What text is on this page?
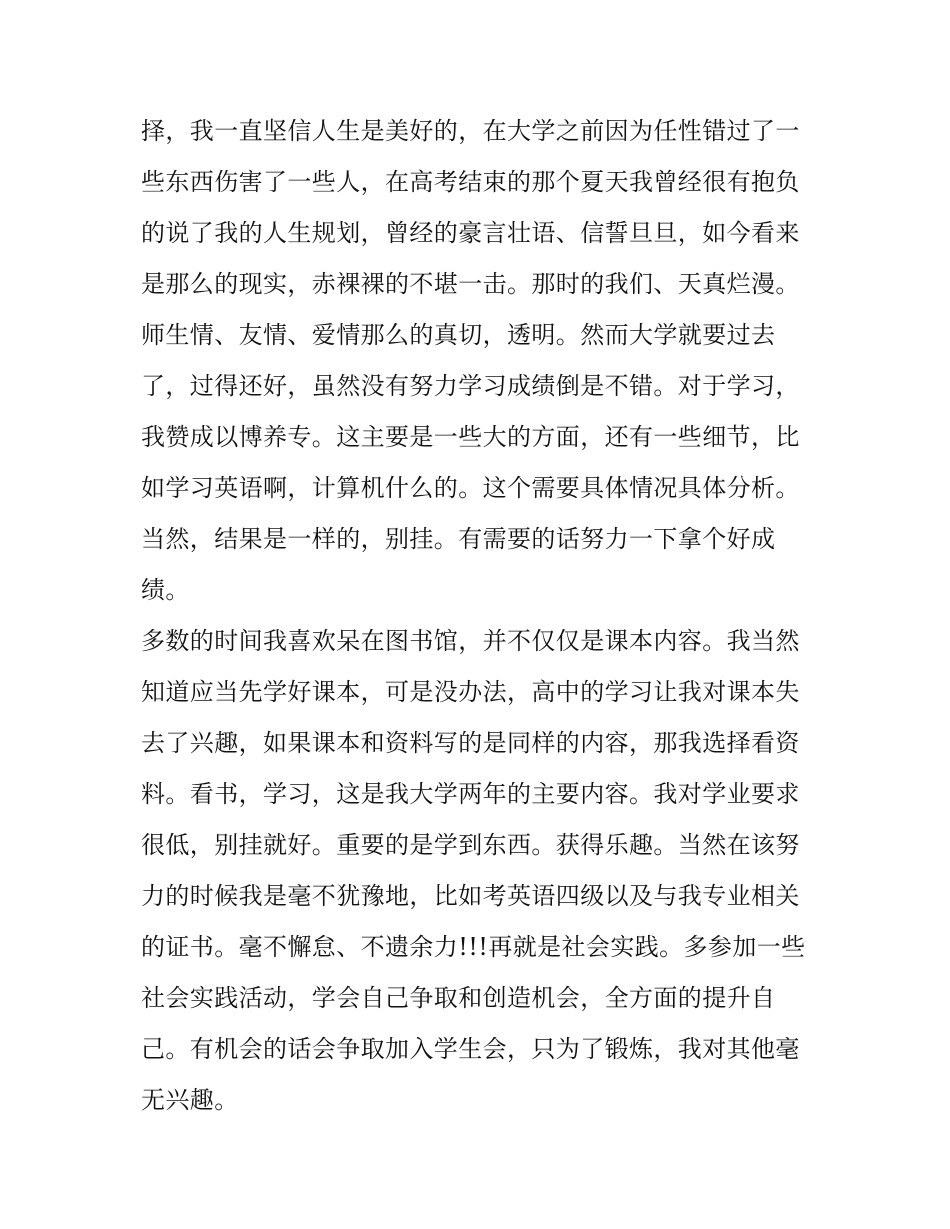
择，我一直坚信人生是美好的，在大学之前因为任性错过了一
些东西伤害了一些人，在高考结束的那个夏天我曾经很有抱负
的说了我的人生规划，曾经的豪言壮语、信誓旦旦，如今看来
是那么的现实，赤裸裸的不堪一击。那时的我们、天真烂漫。
师生情、友情、爱情那么的真切，透明。然而大学就要过去
了，过得还好，虽然没有努力学习成绩倒是不错。对于学习，
我赞成以博养专。这主要是一些大的方面，还有一些细节，比
如学习英语啊，计算机什么的。这个需要具体情况具体分析。
当然，结果是一样的，别挂。有需要的话努力一下拿个好成
绩。
多数的时间我喜欢呆在图书馆，并不仅仅是课本内容。我当然
知道应当先学好课本，可是没办法，高中的学习让我对课本失
去了兴趣，如果课本和资料写的是同样的内容，那我选择看资
料。看书，学习，这是我大学两年的主要内容。我对学业要求
很低，别挂就好。重要的是学到东西。获得乐趣。当然在该努
力的时候我是毫不犹豫地，比如考英语四级以及与我专业相关
的证书。毫不懈怠、不遗余力!!!再就是社会实践。多参加一些
社会实践活动，学会自己争取和创造机会，全方面的提升自
己。有机会的话会争取加入学生会，只为了锻炼，我对其他毫
无兴趣。
